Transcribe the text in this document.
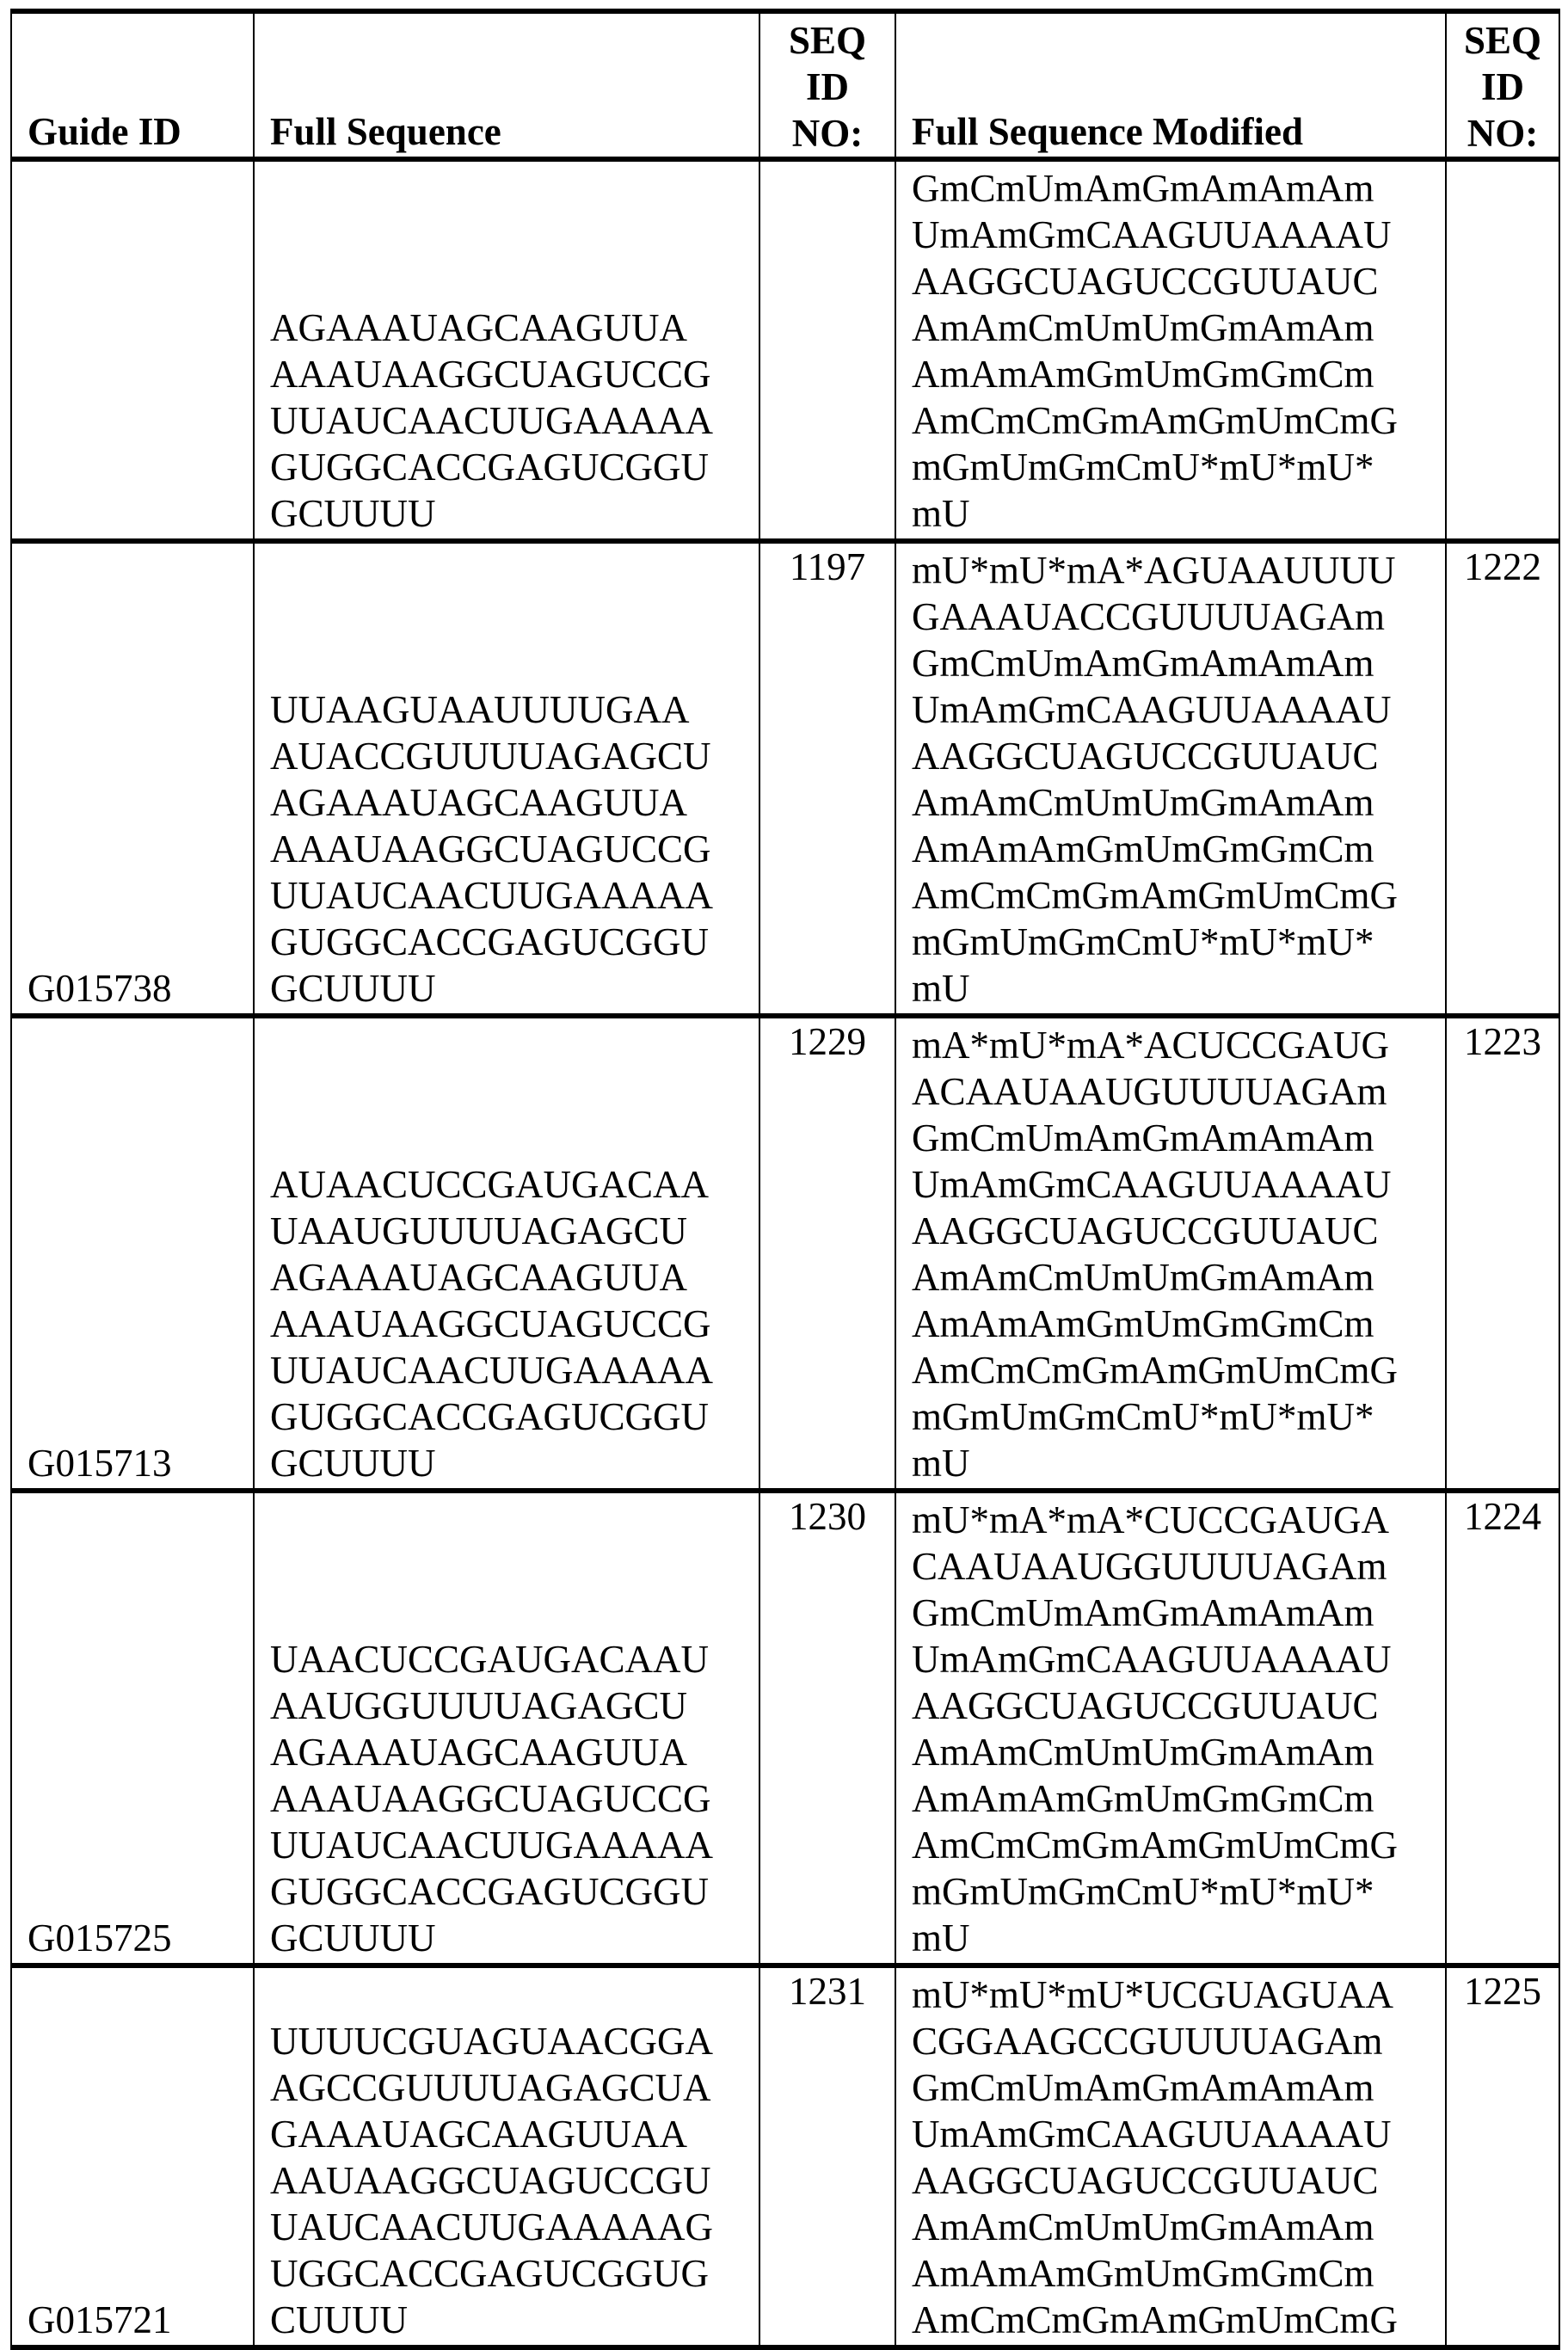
Guide ID	Full Sequence	
SEQ
ID
NO:	Full Sequence Modified	
SEQ
ID
NO:

AGAAAUAGCAAGUUA
AAAUAAGGCUAGUCCG
UUAUCAACUUGAAAAA
GUGGCACCGAGUCGGU
GCUUUU

GmCmUmAmGmAmAmAm
UmAmGmCAAGUUAAAAU
AAGGCUAGUCCGUUAUC
AmAmCmUmUmGmAmAm
AmAmAmGmUmGmGmCm
AmCmCmGmAmGmUmCmG
mGmUmGmCmU*mU*mU*
mU

G015738	
UUAAGUAAUUUUGAA
AUACCGUUUUAGAGCU
AGAAAUAGCAAGUUA
AAAUAAGGCUAGUCCG
UUAUCAACUUGAAAAA
GUGGCACCGAGUCGGU
GCUUUU
	1197	mU*mU*mA*AGUAAUUUU
GAAAUACCGUUUUAGAm
GmCmUmAmGmAmAmAm
UmAmGmCAAGUUAAAAU
AAGGCUAGUCCGUUAUC
AmAmCmUmUmGmAmAm
AmAmAmGmUmGmGmCm
AmCmCmGmAmGmUmCmG
mGmUmGmCmU*mU*mU*
mU
	1222
G015713	
AUAACUCCGAUGACAA
UAAUGUUUUAGAGCU
AGAAAUAGCAAGUUA
AAAUAAGGCUAGUCCG
UUAUCAACUUGAAAAA
GUGGCACCGAGUCGGU
GCUUUU
	1229	mA*mU*mA*ACUCCGAUG
ACAAUAAUGUUUUAGAm
GmCmUmAmGmAmAmAm
UmAmGmCAAGUUAAAAU
AAGGCUAGUCCGUUAUC
AmAmCmUmUmGmAmAm
AmAmAmGmUmGmGmCm
AmCmCmGmAmGmUmCmG
mGmUmGmCmU*mU*mU*
mU
	1223
G015725	
UAACUCCGAUGACAAU
AAUGGUUUUAGAGCU
AGAAAUAGCAAGUUA
AAAUAAGGCUAGUCCG
UUAUCAACUUGAAAAA
GUGGCACCGAGUCGGU
GCUUUU
	1230	mU*mA*mA*CUCCGAUGA
CAAUAAUGGUUUUAGAm
GmCmUmAmGmAmAmAm
UmAmGmCAAGUUAAAAU
AAGGCUAGUCCGUUAUC
AmAmCmUmUmGmAmAm
AmAmAmGmUmGmGmCm
AmCmCmGmAmGmUmCmG
mGmUmGmCmU*mU*mU*
mU
	1224
G015721	
UUUUCGUAGUAACGGA
AGCCGUUUUAGAGCUA
GAAAUAGCAAGUUAA
AAUAAGGCUAGUCCGU
UAUCAACUUGAAAAAG
UGGCACCGAGUCGGUG
CUUUU
	1231	mU*mU*mU*UCGUAGUAA
CGGAAGCCGUUUUAGAm
GmCmUmAmGmAmAmAm
UmAmGmCAAGUUAAAAU
AAGGCUAGUCCGUUAUC
AmAmCmUmUmGmAmAm
AmAmAmGmUmGmGmCm
AmCmCmGmAmGmUmCmG
	1225
